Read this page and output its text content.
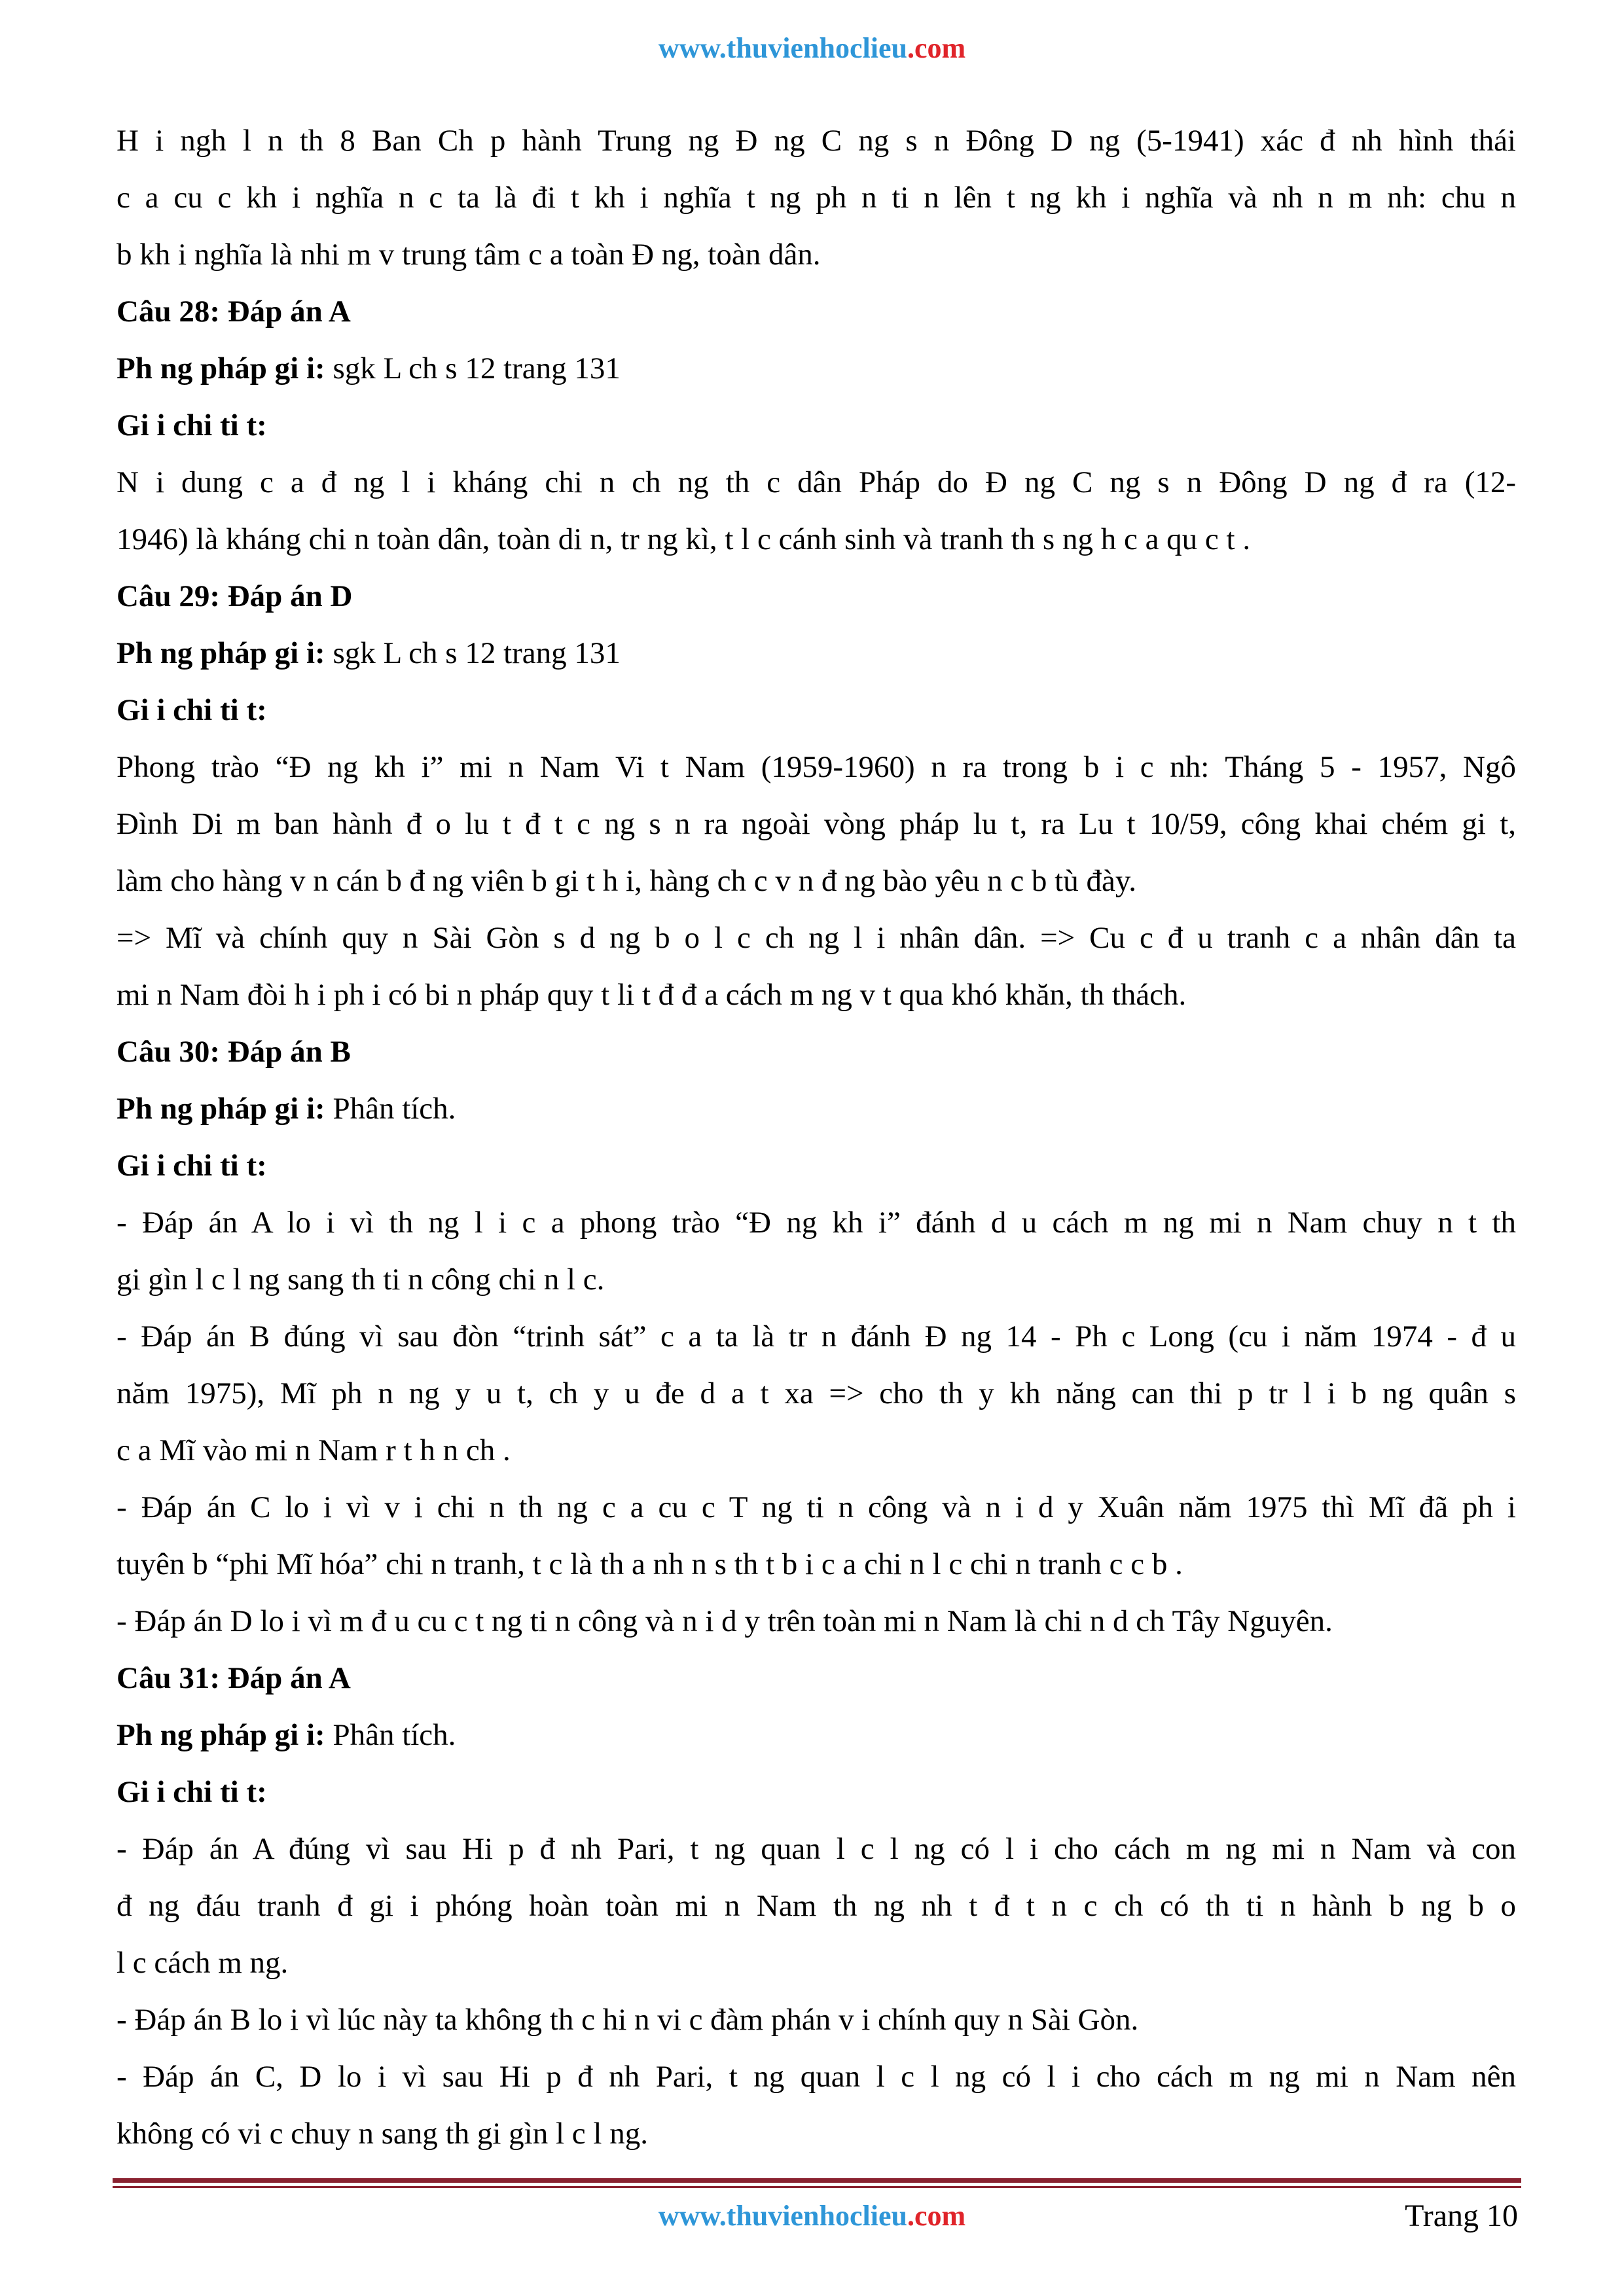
www.thuvienhoclieu.com

H i ngh l n th 8 Ban Ch p hành Trung ng Đ ng C ng s n Đông D ng (5-1941) xác đ nh hình thái

c a cu c kh i nghĩa n c ta là đi t kh i nghĩa t ng ph n ti n lên t ng kh i nghĩa và nh n m nh: chu n

b kh i nghĩa là nhi m v trung tâm c a toàn Đ ng, toàn dân.

Câu 28: Đáp án A

Ph ng pháp gi i: sgk L ch s 12 trang 131

Gi i chi ti t:

N i dung c a đ ng l i kháng chi n ch ng th c dân Pháp do Đ ng C ng s n Đông D ng đ ra (12-

1946) là kháng chi n toàn dân, toàn di n, tr ng kì, t l c cánh sinh và tranh th s ng h c a qu c t .

Câu 29: Đáp án D

Ph ng pháp gi i: sgk L ch s 12 trang 131

Gi i chi ti t:

Phong trào “Đ ng kh i” mi n Nam Vi t Nam (1959-1960) n ra trong b i c nh: Tháng 5 - 1957, Ngô

Đình Di m ban hành đ o lu t đ t c ng s n ra ngoài vòng pháp lu t, ra Lu t 10/59, công khai chém gi t,

làm cho hàng v n cán b đ ng viên b gi t h i, hàng ch c v n đ ng bào yêu n c b tù đày.

=> Mĩ và chính quy n Sài Gòn s d ng b o l c ch ng l i nhân dân. => Cu c đ u tranh c a nhân dân ta

mi n Nam đòi h i ph i có bi n pháp quy t li t đ đ a cách m ng v t qua khó khăn, th thách.

Câu 30: Đáp án B

Ph ng pháp gi i: Phân tích.

Gi i chi ti t:

- Đáp án A lo i vì th ng l i c a phong trào “Đ ng kh i” đánh d u cách m ng mi n Nam chuy n t th

gi gìn l c l ng sang th ti n công chi n l c.

- Đáp án B đúng vì sau đòn “trinh sát” c a ta là tr n đánh Đ ng 14 - Ph c Long (cu i năm 1974 - đ u

năm 1975), Mĩ ph n ng y u t, ch y u đe d a t xa => cho th y kh năng can thi p tr l i b ng quân s

c a Mĩ vào mi n Nam r t h n ch .

- Đáp án C lo i vì v i chi n th ng c a cu c T ng ti n công và n i d y Xuân năm 1975 thì Mĩ đã ph i

tuyên b “phi Mĩ hóa” chi n tranh, t c là th a nh n s th t b i c a chi n l c chi n tranh c c b .

- Đáp án D lo i vì m đ u cu c t ng ti n công và n i d y trên toàn mi n Nam là chi n d ch Tây Nguyên.

Câu 31: Đáp án A

Ph ng pháp gi i: Phân tích.

Gi i chi ti t:

- Đáp án A đúng vì sau Hi p đ nh Pari, t ng quan l c l ng có l i cho cách m ng mi n Nam và con

đ ng đáu tranh đ gi i phóng hoàn toàn mi n Nam th ng nh t đ t n c ch có th ti n hành b ng b o

l c cách m ng.

- Đáp án B lo i vì lúc này ta không th c hi n vi c đàm phán v i chính quy n Sài Gòn.

- Đáp án C, D lo i vì sau Hi p đ nh Pari, t ng quan l c l ng có l i cho cách m ng mi n Nam nên

không có vi c chuy n sang th gi gìn l c l ng.

www.thuvienhoclieu.com	Trang 10
